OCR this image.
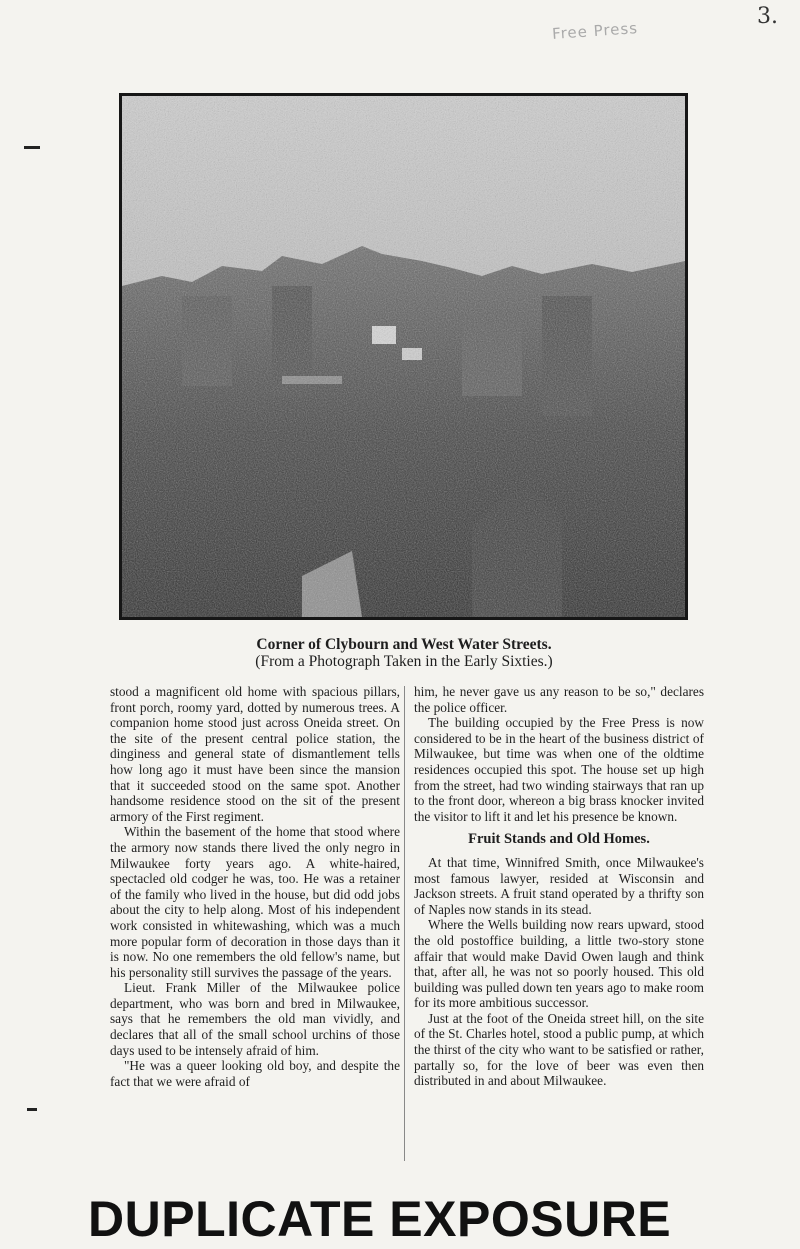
3.
Free Press
Corner of Clybourn and West Water Streets.
(From a Photograph Taken in the Early Sixties.)

stood a magnificent old home with spacious pillars, front porch, roomy yard, dotted by numerous trees. A companion home stood just across Oneida street. On the site of the present central police station, the dinginess and general state of dismantlement tells how long ago it must have been since the mansion that it succeeded stood on the same spot. Another handsome residence stood on the sit of the present armory of the First regiment.

Within the basement of the home that stood where the armory now stands there lived the only negro in Milwaukee forty years ago. A white-haired, spectacled old codger he was, too. He was a retainer of the family who lived in the house, but did odd jobs about the city to help along. Most of his independent work consisted in whitewashing, which was a much more popular form of decoration in those days than it is now. No one remembers the old fellow's name, but his personality still survives the passage of the years.

Lieut. Frank Miller of the Milwaukee police department, who was born and bred in Milwaukee, says that he remembers the old man vividly, and declares that all of the small school urchins of those days used to be intensely afraid of him.

"He was a queer looking old boy, and despite the fact that we were afraid of

him, he never gave us any reason to be so," declares the police officer.

The building occupied by the Free Press is now considered to be in the heart of the business district of Milwaukee, but time was when one of the oldtime residences occupied this spot. The house set up high from the street, had two winding stairways that ran up to the front door, whereon a big brass knocker invited the visitor to lift it and let his presence be known.

Fruit Stands and Old Homes.

At that time, Winnifred Smith, once Milwaukee's most famous lawyer, resided at Wisconsin and Jackson streets. A fruit stand operated by a thrifty son of Naples now stands in its stead.

Where the Wells building now rears upward, stood the old postoffice building, a little two-story stone affair that would make David Owen laugh and think that, after all, he was not so poorly housed. This old building was pulled down ten years ago to make room for its more ambitious successor.

Just at the foot of the Oneida street hill, on the site of the St. Charles hotel, stood a public pump, at which the thirst of the city who want to be satisfied or rather, partally so, for the love of beer was even then distributed in and about Milwaukee.

DUPLICATE EXPOSURE
